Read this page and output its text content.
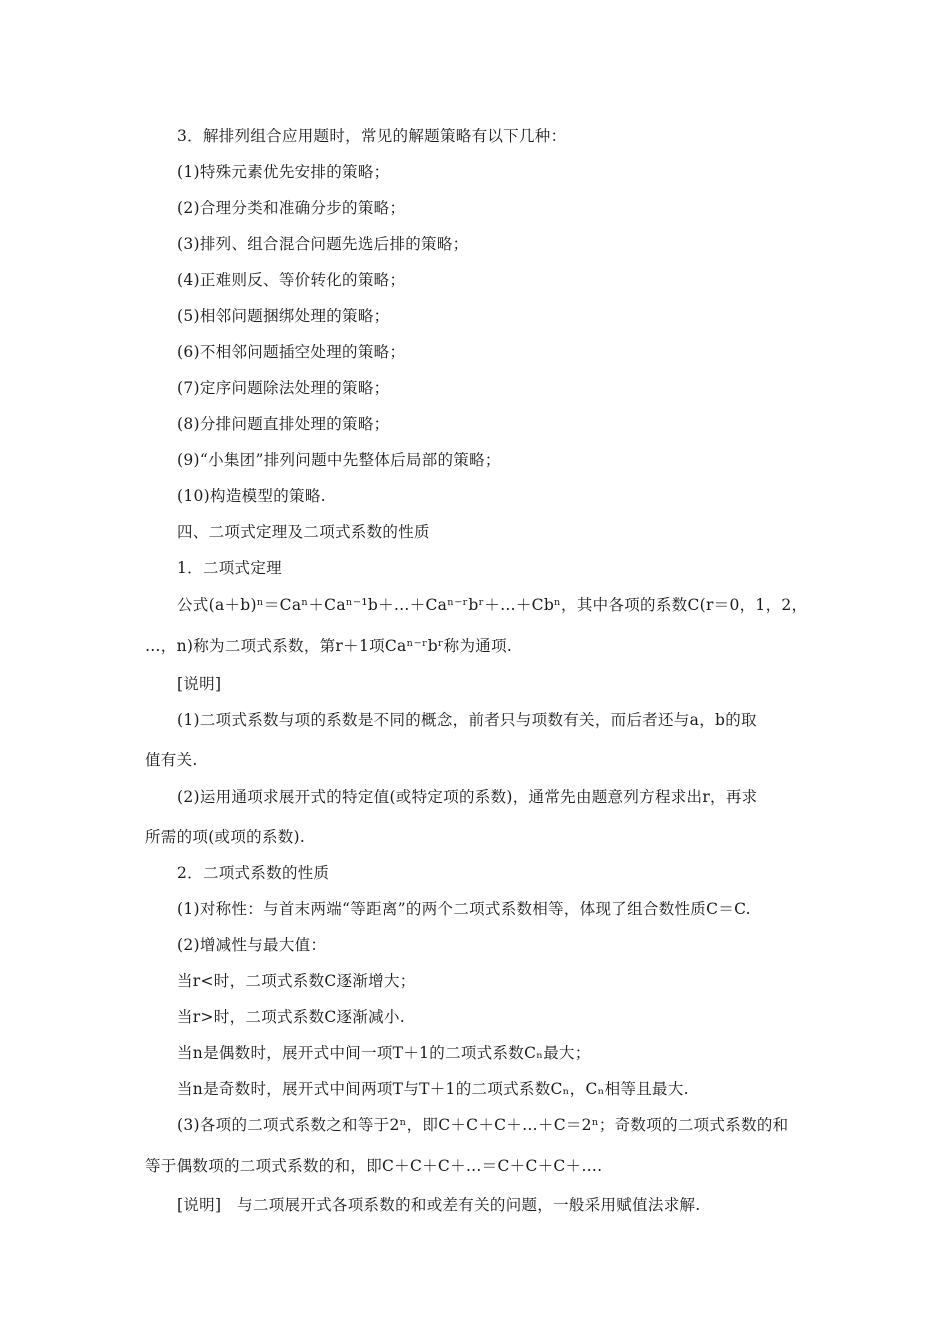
3．解排列组合应用题时，常见的解题策略有以下几种：
(1)特殊元素优先安排的策略；
(2)合理分类和准确分步的策略；
(3)排列、组合混合问题先选后排的策略；
(4)正难则反、等价转化的策略；
(5)相邻问题捆绑处理的策略；
(6)不相邻问题插空处理的策略；
(7)定序问题除法处理的策略；
(8)分排问题直排处理的策略；
(9)“小集团”排列问题中先整体后局部的策略；
(10)构造模型的策略.
四、二项式定理及二项式系数的性质
1．二项式定理
公式(a＋b)ⁿ＝Caⁿ＋Caⁿ⁻¹b＋…＋Caⁿ⁻ʳbʳ＋…＋Cbⁿ，其中各项的系数C(r＝0，1，2，
…，n)称为二项式系数，第r＋1项Caⁿ⁻ʳbʳ称为通项.
[说明]
(1)二项式系数与项的系数是不同的概念，前者只与项数有关，而后者还与a，b的取
值有关.
(2)运用通项求展开式的特定值(或特定项的系数)，通常先由题意列方程求出r，再求
所需的项(或项的系数).
2．二项式系数的性质
(1)对称性：与首末两端“等距离”的两个二项式系数相等，体现了组合数性质C＝C.
(2)增减性与最大值：
当r<时，二项式系数C逐渐增大；
当r>时，二项式系数C逐渐减小.
当n是偶数时，展开式中间一项T＋1的二项式系数Cₙ最大；
当n是奇数时，展开式中间两项T与T＋1的二项式系数Cₙ，Cₙ相等且最大.
(3)各项的二项式系数之和等于2ⁿ，即C＋C＋C＋…＋C＝2ⁿ；奇数项的二项式系数的和
等于偶数项的二项式系数的和，即C＋C＋C＋…＝C＋C＋C＋….
[说明]　与二项展开式各项系数的和或差有关的问题，一般采用赋值法求解.
